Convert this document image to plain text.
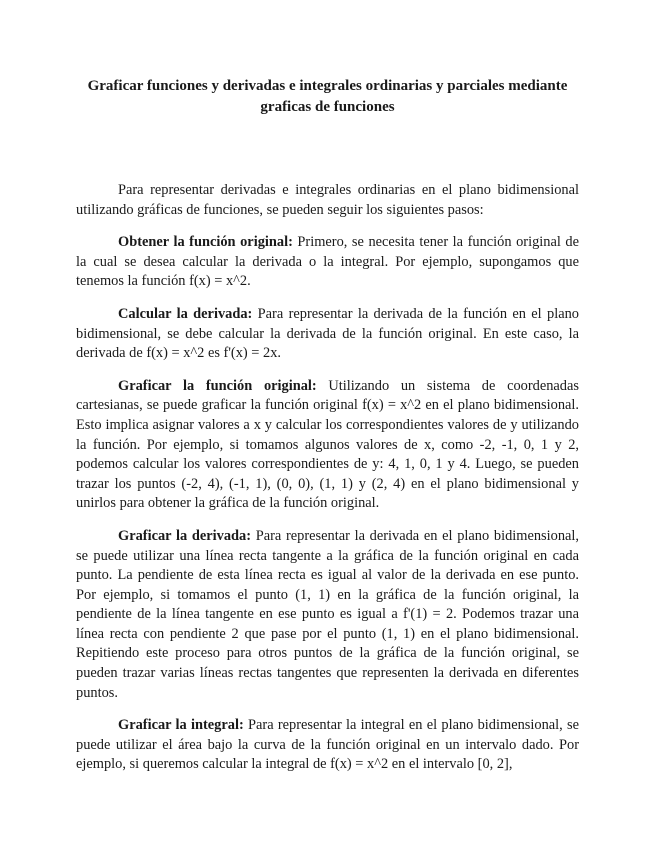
Graficar funciones y derivadas e integrales ordinarias y parciales mediante graficas de funciones

Para representar derivadas e integrales ordinarias en el plano bidimensional utilizando gráficas de funciones, se pueden seguir los siguientes pasos:

Obtener la función original: Primero, se necesita tener la función original de la cual se desea calcular la derivada o la integral. Por ejemplo, supongamos que tenemos la función f(x) = x^2.

Calcular la derivada: Para representar la derivada de la función en el plano bidimensional, se debe calcular la derivada de la función original. En este caso, la derivada de f(x) = x^2 es f'(x) = 2x.

Graficar la función original: Utilizando un sistema de coordenadas cartesianas, se puede graficar la función original f(x) = x^2 en el plano bidimensional. Esto implica asignar valores a x y calcular los correspondientes valores de y utilizando la función. Por ejemplo, si tomamos algunos valores de x, como -2, -1, 0, 1 y 2, podemos calcular los valores correspondientes de y: 4, 1, 0, 1 y 4. Luego, se pueden trazar los puntos (-2, 4), (-1, 1), (0, 0), (1, 1) y (2, 4) en el plano bidimensional y unirlos para obtener la gráfica de la función original.

Graficar la derivada: Para representar la derivada en el plano bidimensional, se puede utilizar una línea recta tangente a la gráfica de la función original en cada punto. La pendiente de esta línea recta es igual al valor de la derivada en ese punto. Por ejemplo, si tomamos el punto (1, 1) en la gráfica de la función original, la pendiente de la línea tangente en ese punto es igual a f'(1) = 2. Podemos trazar una línea recta con pendiente 2 que pase por el punto (1, 1) en el plano bidimensional. Repitiendo este proceso para otros puntos de la gráfica de la función original, se pueden trazar varias líneas rectas tangentes que representen la derivada en diferentes puntos.

Graficar la integral: Para representar la integral en el plano bidimensional, se puede utilizar el área bajo la curva de la función original en un intervalo dado. Por ejemplo, si queremos calcular la integral de f(x) = x^2 en el intervalo [0, 2],
